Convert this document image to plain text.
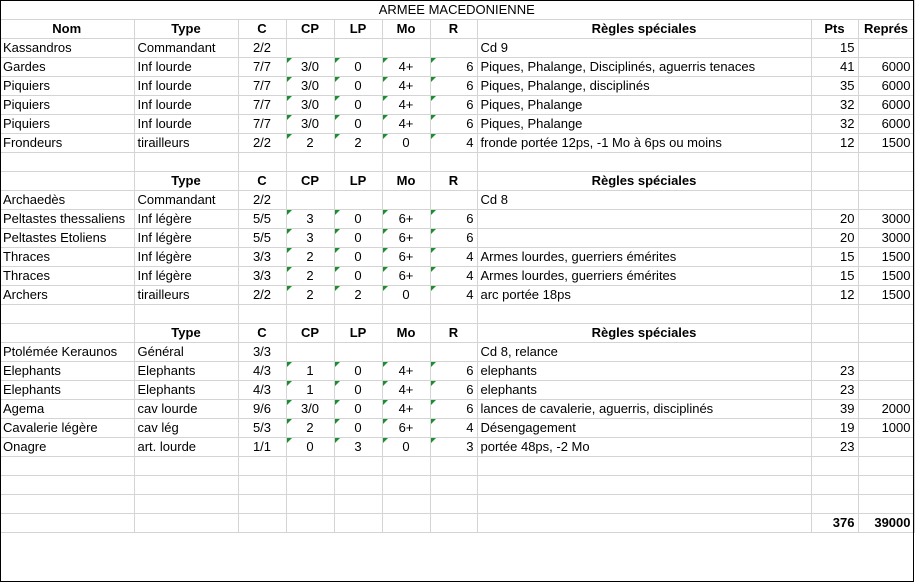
ARMEE MACEDONIENNE									
Nom	Type	C	CP	LP	Mo	R	Règles spéciales	Pts	Représ
Kassandros	Commandant	2/2					Cd 9	15	
Gardes	Inf lourde	7/7	3/0	0	4+	6	Piques, Phalange, Disciplinés, aguerris tenaces	41	6000
Piquiers	Inf lourde	7/7	3/0	0	4+	6	Piques, Phalange, disciplinés	35	6000
Piquiers	Inf lourde	7/7	3/0	0	4+	6	Piques, Phalange	32	6000
Piquiers	Inf lourde	7/7	3/0	0	4+	6	Piques, Phalange	32	6000
Frondeurs	tirailleurs	2/2	2	2	0	4	fronde portée 12ps, -1 Mo à 6ps ou moins	12	1500

	Type	C	CP	LP	Mo	R	Règles spéciales		
Archaedès	Commandant	2/2					Cd 8		
Peltastes thessaliens	Inf légère	5/5	3	0	6+	6		20	3000
Peltastes Etoliens	Inf légère	5/5	3	0	6+	6		20	3000
Thraces	Inf légère	3/3	2	0	6+	4	Armes lourdes, guerriers émérites	15	1500
Thraces	Inf légère	3/3	2	0	6+	4	Armes lourdes, guerriers émérites	15	1500
Archers	tirailleurs	2/2	2	2	0	4	arc portée 18ps	12	1500

	Type	C	CP	LP	Mo	R	Règles spéciales		
Ptolémée Keraunos	Général	3/3					Cd 8, relance		
Elephants	Elephants	4/3	1	0	4+	6	elephants	23	
Elephants	Elephants	4/3	1	0	4+	6	elephants	23	
Agema	cav lourde	9/6	3/0	0	4+	6	lances de cavalerie, aguerris, disciplinés	39	2000
Cavalerie légère	cav lég	5/3	2	0	6+	4	Désengagement	19	1000
Onagre	art. lourde	1/1	0	3	0	3	portée 48ps, -2 Mo	23	

								376	39000
